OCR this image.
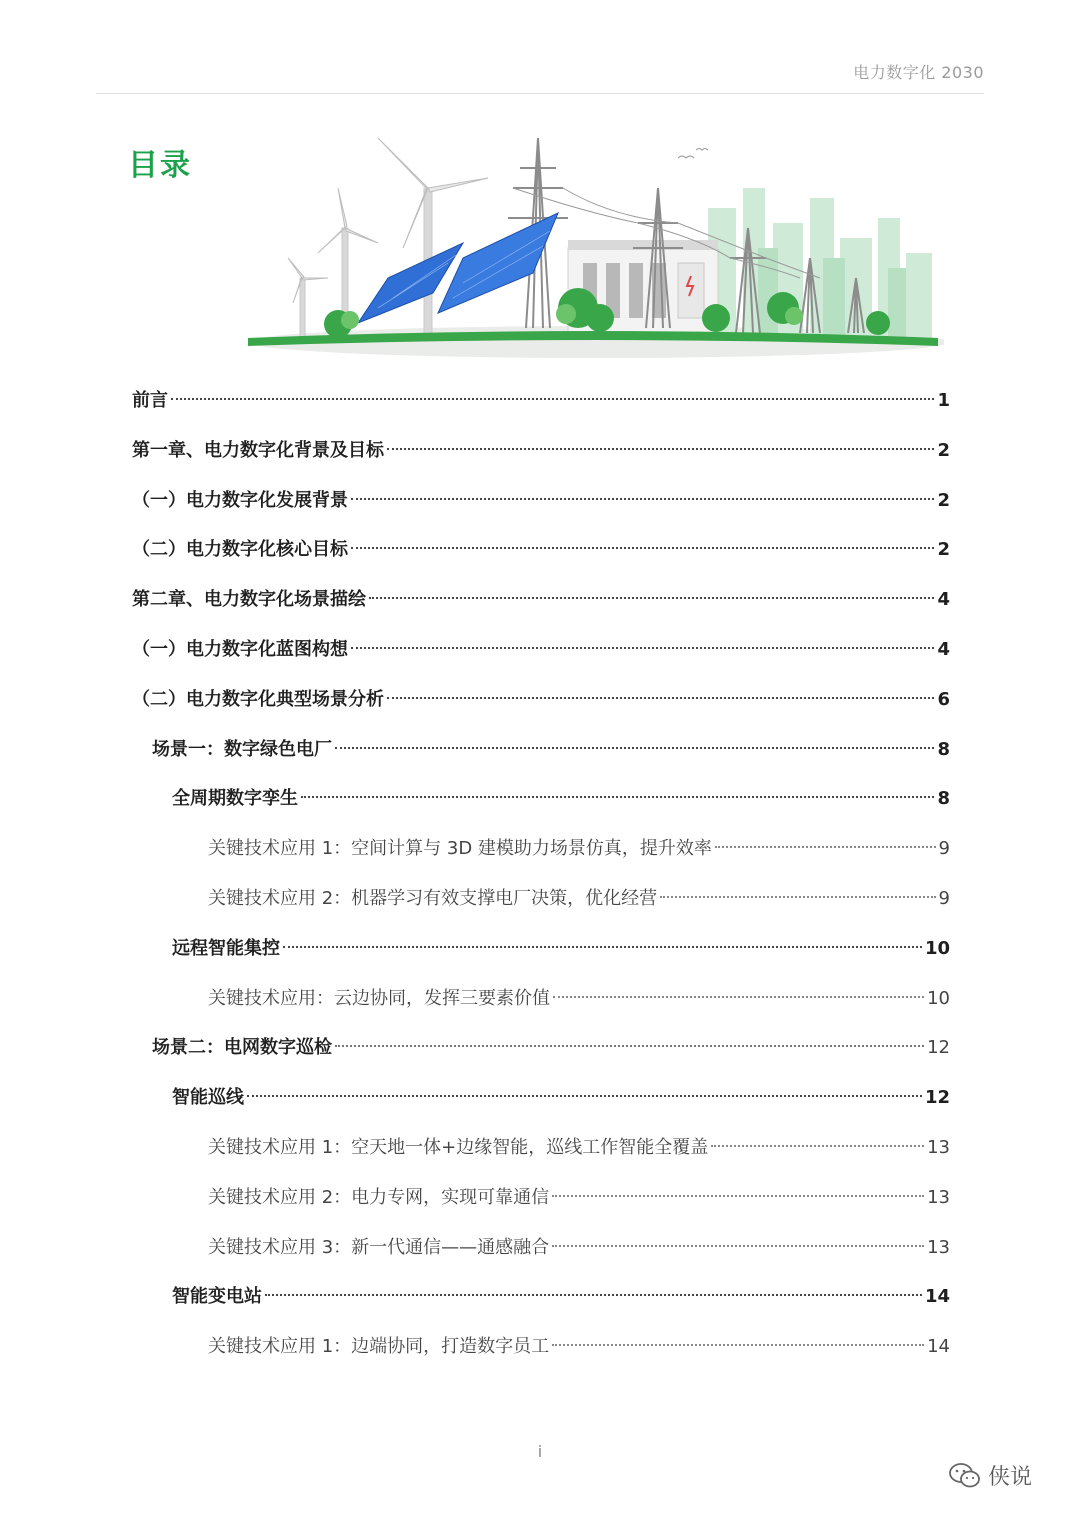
电力数字化 2030
目录
前言	1
第一章、电力数字化背景及目标	2
（一）电力数字化发展背景	2
（二）电力数字化核心目标	2
第二章、电力数字化场景描绘	4
（一）电力数字化蓝图构想	4
（二）电力数字化典型场景分析	6
场景一：数字绿色电厂	8
全周期数字孪生	8
关键技术应用 1：空间计算与 3D 建模助力场景仿真，提升效率	9
关键技术应用 2：机器学习有效支撑电厂决策，优化经营	9
远程智能集控	10
关键技术应用：云边协同，发挥三要素价值	10
场景二：电网数字巡检	12
智能巡线	12
关键技术应用 1：空天地一体+边缘智能，巡线工作智能全覆盖	13
关键技术应用 2：电力专网，实现可靠通信	13
关键技术应用 3：新一代通信——通感融合	13
智能变电站	14
关键技术应用 1：边端协同，打造数字员工	14
i
侠说
